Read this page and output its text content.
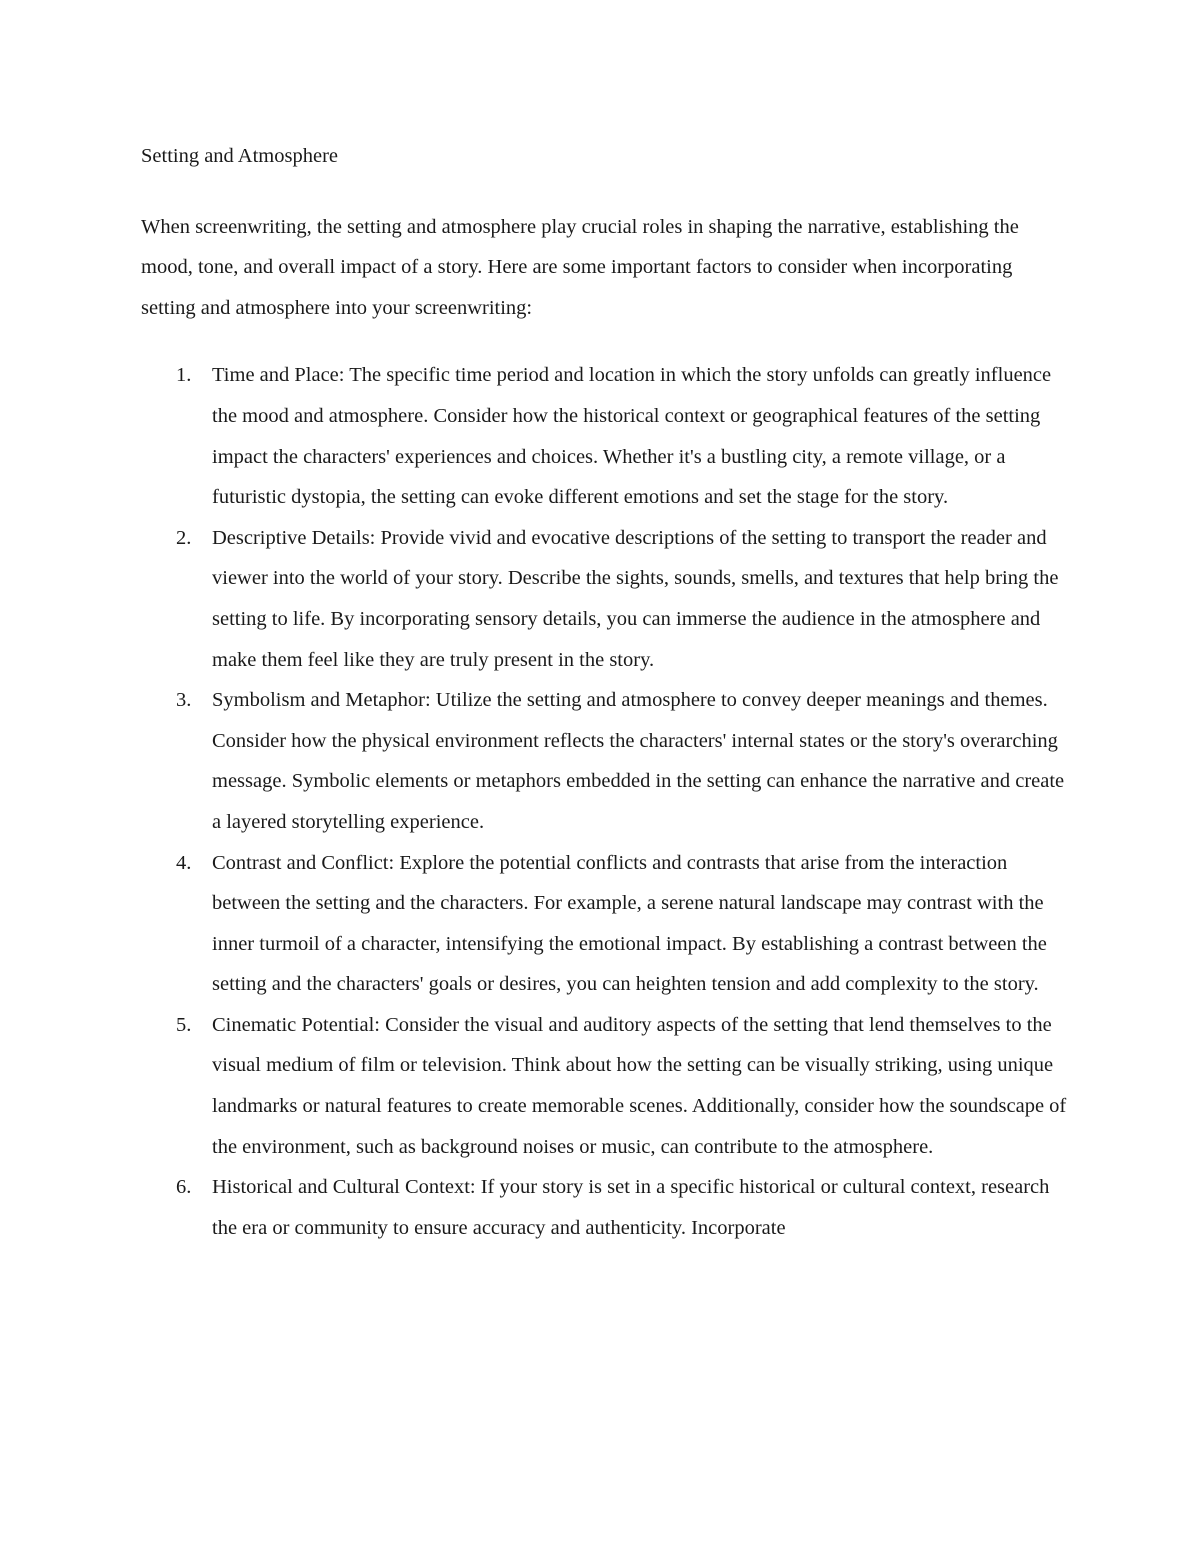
Setting and Atmosphere

When screenwriting, the setting and atmosphere play crucial roles in shaping the narrative, establishing the mood, tone, and overall impact of a story. Here are some important factors to consider when incorporating setting and atmosphere into your screenwriting:

1. Time and Place: The specific time period and location in which the story unfolds can greatly influence the mood and atmosphere. Consider how the historical context or geographical features of the setting impact the characters' experiences and choices. Whether it's a bustling city, a remote village, or a futuristic dystopia, the setting can evoke different emotions and set the stage for the story.
2. Descriptive Details: Provide vivid and evocative descriptions of the setting to transport the reader and viewer into the world of your story. Describe the sights, sounds, smells, and textures that help bring the setting to life. By incorporating sensory details, you can immerse the audience in the atmosphere and make them feel like they are truly present in the story.
3. Symbolism and Metaphor: Utilize the setting and atmosphere to convey deeper meanings and themes. Consider how the physical environment reflects the characters' internal states or the story's overarching message. Symbolic elements or metaphors embedded in the setting can enhance the narrative and create a layered storytelling experience.
4. Contrast and Conflict: Explore the potential conflicts and contrasts that arise from the interaction between the setting and the characters. For example, a serene natural landscape may contrast with the inner turmoil of a character, intensifying the emotional impact. By establishing a contrast between the setting and the characters' goals or desires, you can heighten tension and add complexity to the story.
5. Cinematic Potential: Consider the visual and auditory aspects of the setting that lend themselves to the visual medium of film or television. Think about how the setting can be visually striking, using unique landmarks or natural features to create memorable scenes. Additionally, consider how the soundscape of the environment, such as background noises or music, can contribute to the atmosphere.
6. Historical and Cultural Context: If your story is set in a specific historical or cultural context, research the era or community to ensure accuracy and authenticity. Incorporate
